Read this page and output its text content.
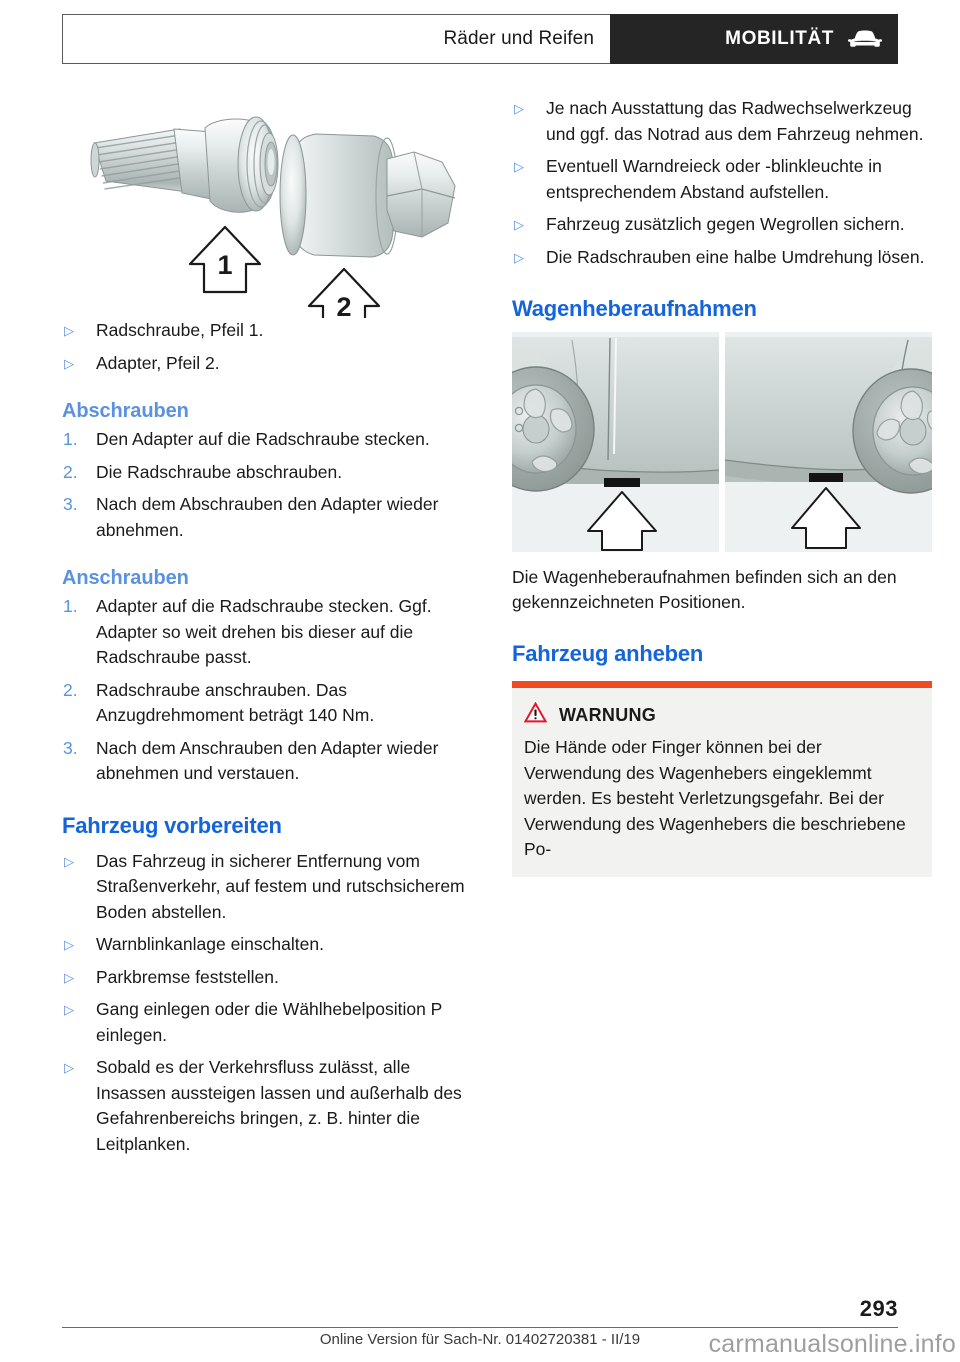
Räder und Reifen	MOBILITÄT
1
2
▷ Radschraube, Pfeil 1.
▷ Adapter, Pfeil 2.
Abschrauben
1. Den Adapter auf die Radschraube stecken.
2. Die Radschraube abschrauben.
3. Nach dem Abschrauben den Adapter wieder abnehmen.
Anschrauben
1. Adapter auf die Radschraube stecken. Ggf. Adapter so weit drehen bis dieser auf die Radschraube passt.
2. Radschraube anschrauben. Das Anzugdrehmoment beträgt 140 Nm.
3. Nach dem Anschrauben den Adapter wieder abnehmen und verstauen.
Fahrzeug vorbereiten
▷ Das Fahrzeug in sicherer Entfernung vom Straßenverkehr, auf festem und rutschsicherem Boden abstellen.
▷ Warnblinkanlage einschalten.
▷ Parkbremse feststellen.
▷ Gang einlegen oder die Wählhebelposition P einlegen.
▷ Sobald es der Verkehrsfluss zulässt, alle Insassen aussteigen lassen und außerhalb des Gefahrenbereichs bringen, z. B. hinter die Leitplanken.
▷ Je nach Ausstattung das Radwechselwerkzeug und ggf. das Notrad aus dem Fahrzeug nehmen.
▷ Eventuell Warndreieck oder -blinkleuchte in entsprechendem Abstand aufstellen.
▷ Fahrzeug zusätzlich gegen Wegrollen sichern.
▷ Die Radschrauben eine halbe Umdrehung lösen.
Wagenheberaufnahmen

Die Wagenheberaufnahmen befinden sich an den gekennzeichneten Positionen.

Fahrzeug anheben
WARNUNG
Die Hände oder Finger können bei der Verwendung des Wagenhebers eingeklemmt werden. Es besteht Verletzungsgefahr. Bei der Verwendung des Wagenhebers die beschriebene Po-
293
Online Version für Sach-Nr. 01402720381 - II/19	carmanualsonline.info
